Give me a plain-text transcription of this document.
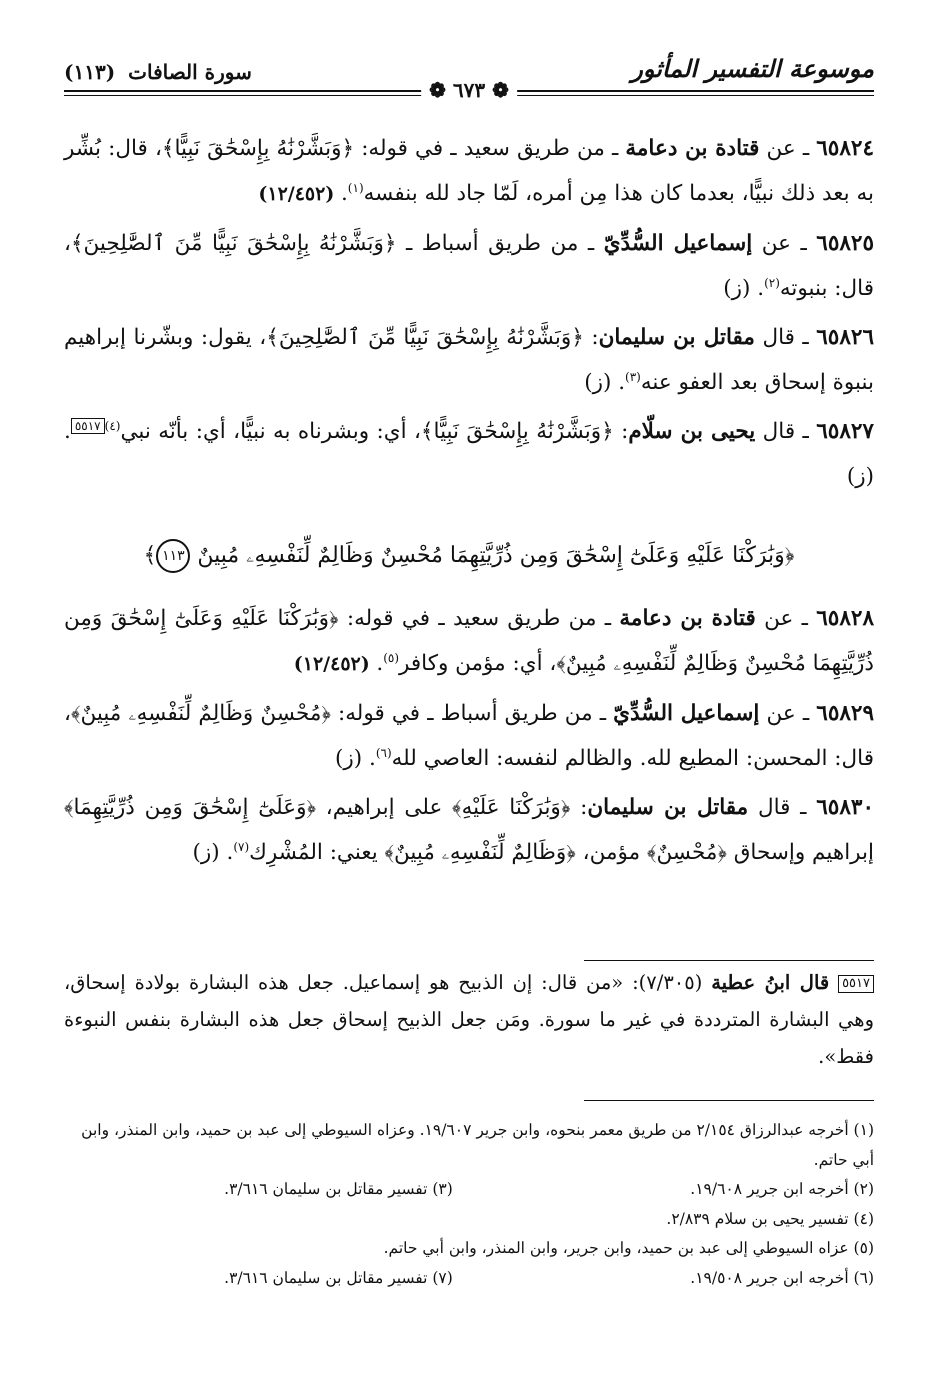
موسوعة التفسير المأثور
سورة الصافات (١١٣)
❁ ٦٧٣ ❁

٦٥٨٢٤ ـ عن قتادة بن دعامة ـ من طريق سعيد ـ في قوله: ﴿وَبَشَّرْنَٰهُ بِإِسْحَٰقَ نَبِيًّا﴾، قال: بُشِّر به بعد ذلك نبيًّا، بعدما كان هذا مِن أمره، لَمّا جاد لله بنفسه$^{(١)}$. (١٢/٤٥٢)

٦٥٨٢٥ ـ عن إسماعيل السُّدِّيّ ـ من طريق أسباط ـ ﴿وَبَشَّرْنَٰهُ بِإِسْحَٰقَ نَبِيًّا مِّنَ ٱلصَّٰلِحِينَ﴾، قال: بنبوته$^{(٢)}$. (ز)

٦٥٨٢٦ ـ قال مقاتل بن سليمان: ﴿وَبَشَّرْنَٰهُ بِإِسْحَٰقَ نَبِيًّا مِّنَ ٱلصَّٰلِحِينَ﴾، يقول: وبشّرنا إبراهيم بنبوة إسحاق بعد العفو عنه$^{(٣)}$. (ز)

٦٥٨٢٧ ـ قال يحيى بن سلّام: ﴿وَبَشَّرْنَٰهُ بِإِسْحَٰقَ نَبِيًّا﴾، أي: وبشرناه به نبيًّا، أي: بأنّه نبي$^{(٤)}$٥٥١٧. (ز)

﴿وَبَٰرَكْنَا عَلَيْهِ وَعَلَىٰٓ إِسْحَٰقَ وَمِن ذُرِّيَّتِهِمَا مُحْسِنٌ وَظَالِمٌ لِّنَفْسِهِۦ مُبِينٌ ١١٣﴾

٦٥٨٢٨ ـ عن قتادة بن دعامة ـ من طريق سعيد ـ في قوله: ﴿وَبَٰرَكْنَا عَلَيْهِ وَعَلَىٰٓ إِسْحَٰقَ وَمِن ذُرِّيَّتِهِمَا مُحْسِنٌ وَظَالِمٌ لِّنَفْسِهِۦ مُبِينٌ﴾، أي: مؤمن وكافر$^{(٥)}$. (١٢/٤٥٢)

٦٥٨٢٩ ـ عن إسماعيل السُّدِّيّ ـ من طريق أسباط ـ في قوله: ﴿مُحْسِنٌ وَظَالِمٌ لِّنَفْسِهِۦ مُبِينٌ﴾، قال: المحسن: المطيع لله. والظالم لنفسه: العاصي لله$^{(٦)}$. (ز)

٦٥٨٣٠ ـ قال مقاتل بن سليمان: ﴿وَبَٰرَكْنَا عَلَيْهِ﴾ على إبراهيم، ﴿وَعَلَىٰٓ إِسْحَٰقَ وَمِن ذُرِّيَّتِهِمَا﴾ إبراهيم وإسحاق ﴿مُحْسِنٌ﴾ مؤمن، ﴿وَظَالِمٌ لِّنَفْسِهِۦ مُبِينٌ﴾ يعني: المُشْرِك$^{(٧)}$. (ز)

٥٥١٧ قال ابنُ عطية (٧/٣٠٥): «من قال: إن الذبيح هو إسماعيل. جعل هذه البشارة بولادة إسحاق، وهي البشارة المترددة في غير ما سورة. ومَن جعل الذبيح إسحاق جعل هذه البشارة بنفس النبوءة فقط».
(١) أخرجه عبدالرزاق ٢/١٥٤ من طريق معمر بنحوه، وابن جرير ١٩/٦٠٧. وعزاه السيوطي إلى عبد بن حميد، وابن المنذر، وابن أبي حاتم.
(٢) أخرجه ابن جرير ١٩/٦٠٨.
(٣) تفسير مقاتل بن سليمان ٣/٦١٦.
(٤) تفسير يحيى بن سلام ٢/٨٣٩.
(٥) عزاه السيوطي إلى عبد بن حميد، وابن جرير، وابن المنذر، وابن أبي حاتم.
(٦) أخرجه ابن جرير ١٩/٥٠٨.
(٧) تفسير مقاتل بن سليمان ٣/٦١٦.
